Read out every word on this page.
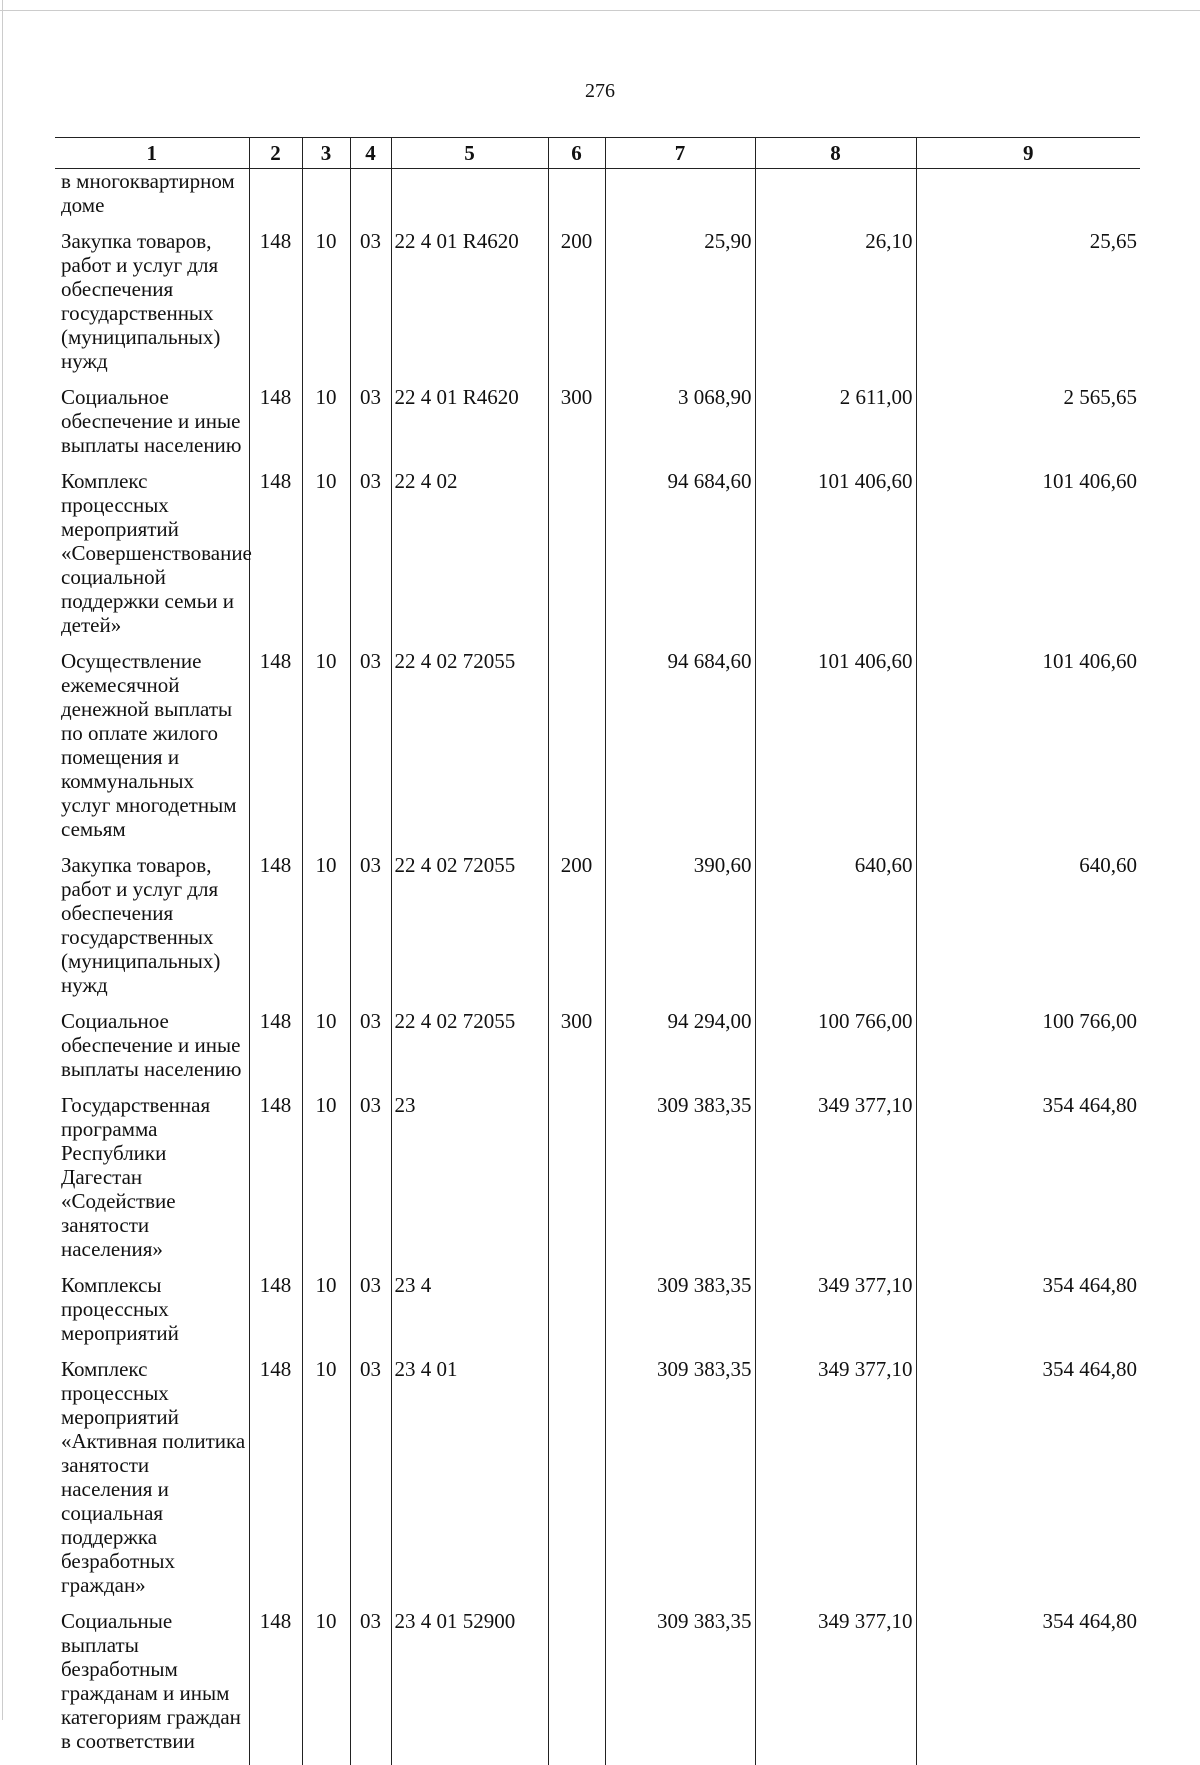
276
1	2	3	4	5	6	7	8	9
в многоквартирном доме								
Закупка товаров, работ и услуг для обеспечения государственных (муниципальных) нужд	148	10	03	22 4 01 R4620	200	25,90	26,10	25,65
Социальное обеспечение и иные выплаты населению	148	10	03	22 4 01 R4620	300	3 068,90	2 611,00	2 565,65
Комплекс процессных мероприятий «Совершенствование социальной поддержки семьи и детей»	148	10	03	22 4 02		94 684,60	101 406,60	101 406,60
Осуществление ежемесячной денежной выплаты по оплате жилого помещения и коммунальных услуг многодетным семьям	148	10	03	22 4 02 72055		94 684,60	101 406,60	101 406,60
Закупка товаров, работ и услуг для обеспечения государственных (муниципальных) нужд	148	10	03	22 4 02 72055	200	390,60	640,60	640,60
Социальное обеспечение и иные выплаты населению	148	10	03	22 4 02 72055	300	94 294,00	100 766,00	100 766,00
Государственная программа Республики Дагестан «Содействие занятости населения»	148	10	03	23		309 383,35	349 377,10	354 464,80
Комплексы процессных мероприятий	148	10	03	23 4		309 383,35	349 377,10	354 464,80
Комплекс процессных мероприятий «Активная политика занятости населения и социальная поддержка безработных граждан»	148	10	03	23 4 01		309 383,35	349 377,10	354 464,80
Социальные выплаты безработным гражданам и иным категориям граждан в соответствии	148	10	03	23 4 01 52900		309 383,35	349 377,10	354 464,80
